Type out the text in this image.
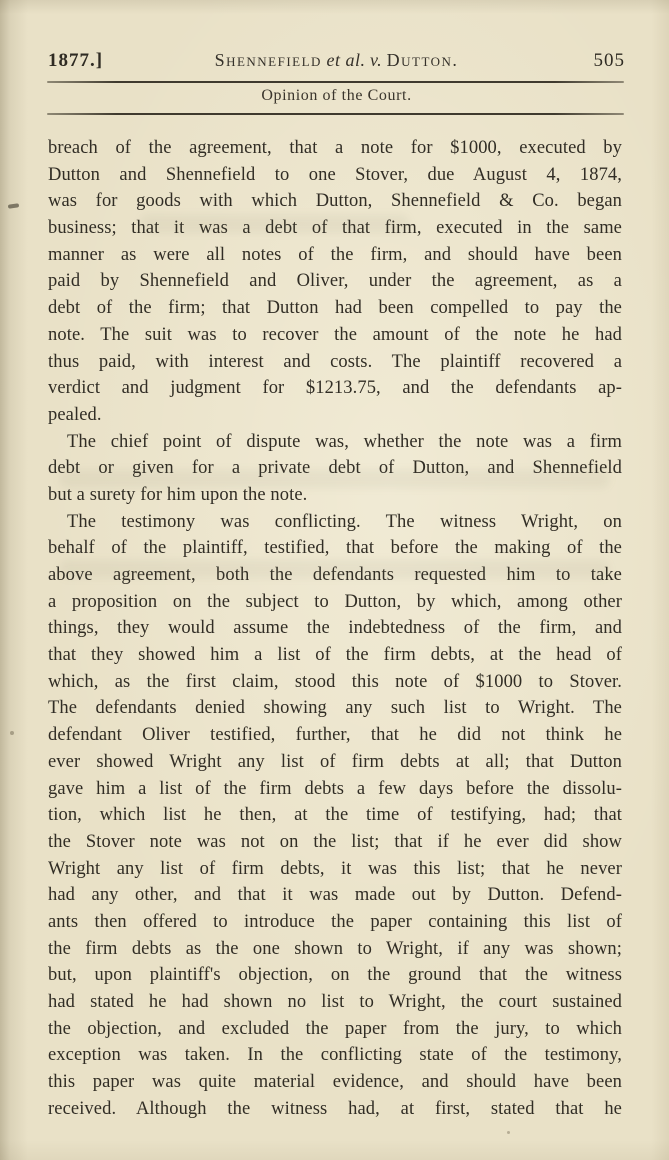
1877.]	Shennefield et al. v. Dutton.	505
Opinion of the Court.
breach of the agreement, that a note for $1000, executed by
Dutton and Shennefield to one Stover, due August 4, 1874,
was for goods with which Dutton, Shennefield & Co. began
business; that it was a debt of that firm, executed in the same
manner as were all notes of the firm, and should have been
paid by Shennefield and Oliver, under the agreement, as a
debt of the firm; that Dutton had been compelled to pay the
note. The suit was to recover the amount of the note he had
thus paid, with interest and costs. The plaintiff recovered a
verdict and judgment for $1213.75, and the defendants ap-
pealed.
The chief point of dispute was, whether the note was a firm
debt or given for a private debt of Dutton, and Shennefield
but a surety for him upon the note.
The testimony was conflicting. The witness Wright, on
behalf of the plaintiff, testified, that before the making of the
above agreement, both the defendants requested him to take
a proposition on the subject to Dutton, by which, among other
things, they would assume the indebtedness of the firm, and
that they showed him a list of the firm debts, at the head of
which, as the first claim, stood this note of $1000 to Stover.
The defendants denied showing any such list to Wright. The
defendant Oliver testified, further, that he did not think he
ever showed Wright any list of firm debts at all; that Dutton
gave him a list of the firm debts a few days before the dissolu-
tion, which list he then, at the time of testifying, had; that
the Stover note was not on the list; that if he ever did show
Wright any list of firm debts, it was this list; that he never
had any other, and that it was made out by Dutton. Defend-
ants then offered to introduce the paper containing this list of
the firm debts as the one shown to Wright, if any was shown;
but, upon plaintiff's objection, on the ground that the witness
had stated he had shown no list to Wright, the court sustained
the objection, and excluded the paper from the jury, to which
exception was taken. In the conflicting state of the testimony,
this paper was quite material evidence, and should have been
received. Although the witness had, at first, stated that he
